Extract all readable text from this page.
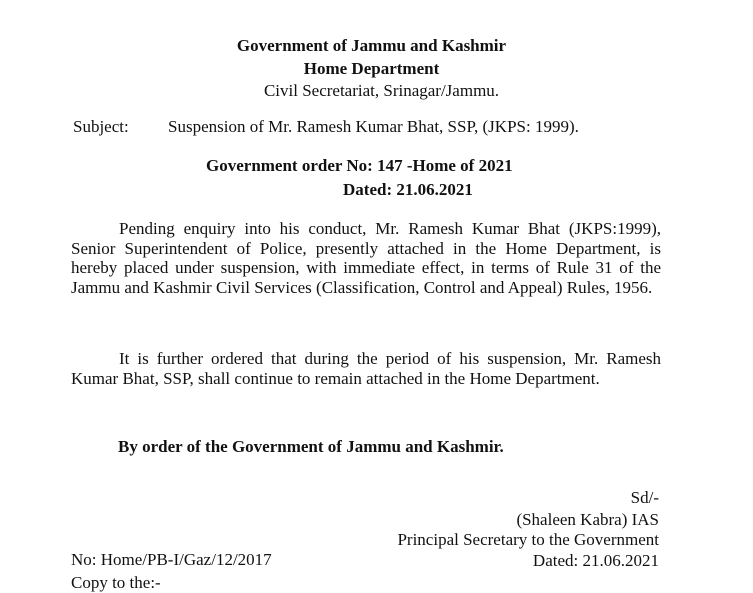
Government of Jammu and Kashmir
Home Department
Civil Secretariat, Srinagar/Jammu.
Subject: Suspension of Mr. Ramesh Kumar Bhat, SSP, (JKPS: 1999).
Government order No: 147 -Home of 2021
Dated: 21.06.2021
Pending enquiry into his conduct, Mr. Ramesh Kumar Bhat (JKPS:1999), Senior Superintendent of Police, presently attached in the Home Department, is hereby placed under suspension, with immediate effect, in terms of Rule 31 of the Jammu and Kashmir Civil Services (Classification, Control and Appeal) Rules, 1956.
It is further ordered that during the period of his suspension, Mr. Ramesh Kumar Bhat, SSP, shall continue to remain attached in the Home Department.
By order of the Government of Jammu and Kashmir.
Sd/-
(Shaleen Kabra) IAS
Principal Secretary to the Government
Dated: 21.06.2021
No: Home/PB-I/Gaz/12/2017
Copy to the:-
